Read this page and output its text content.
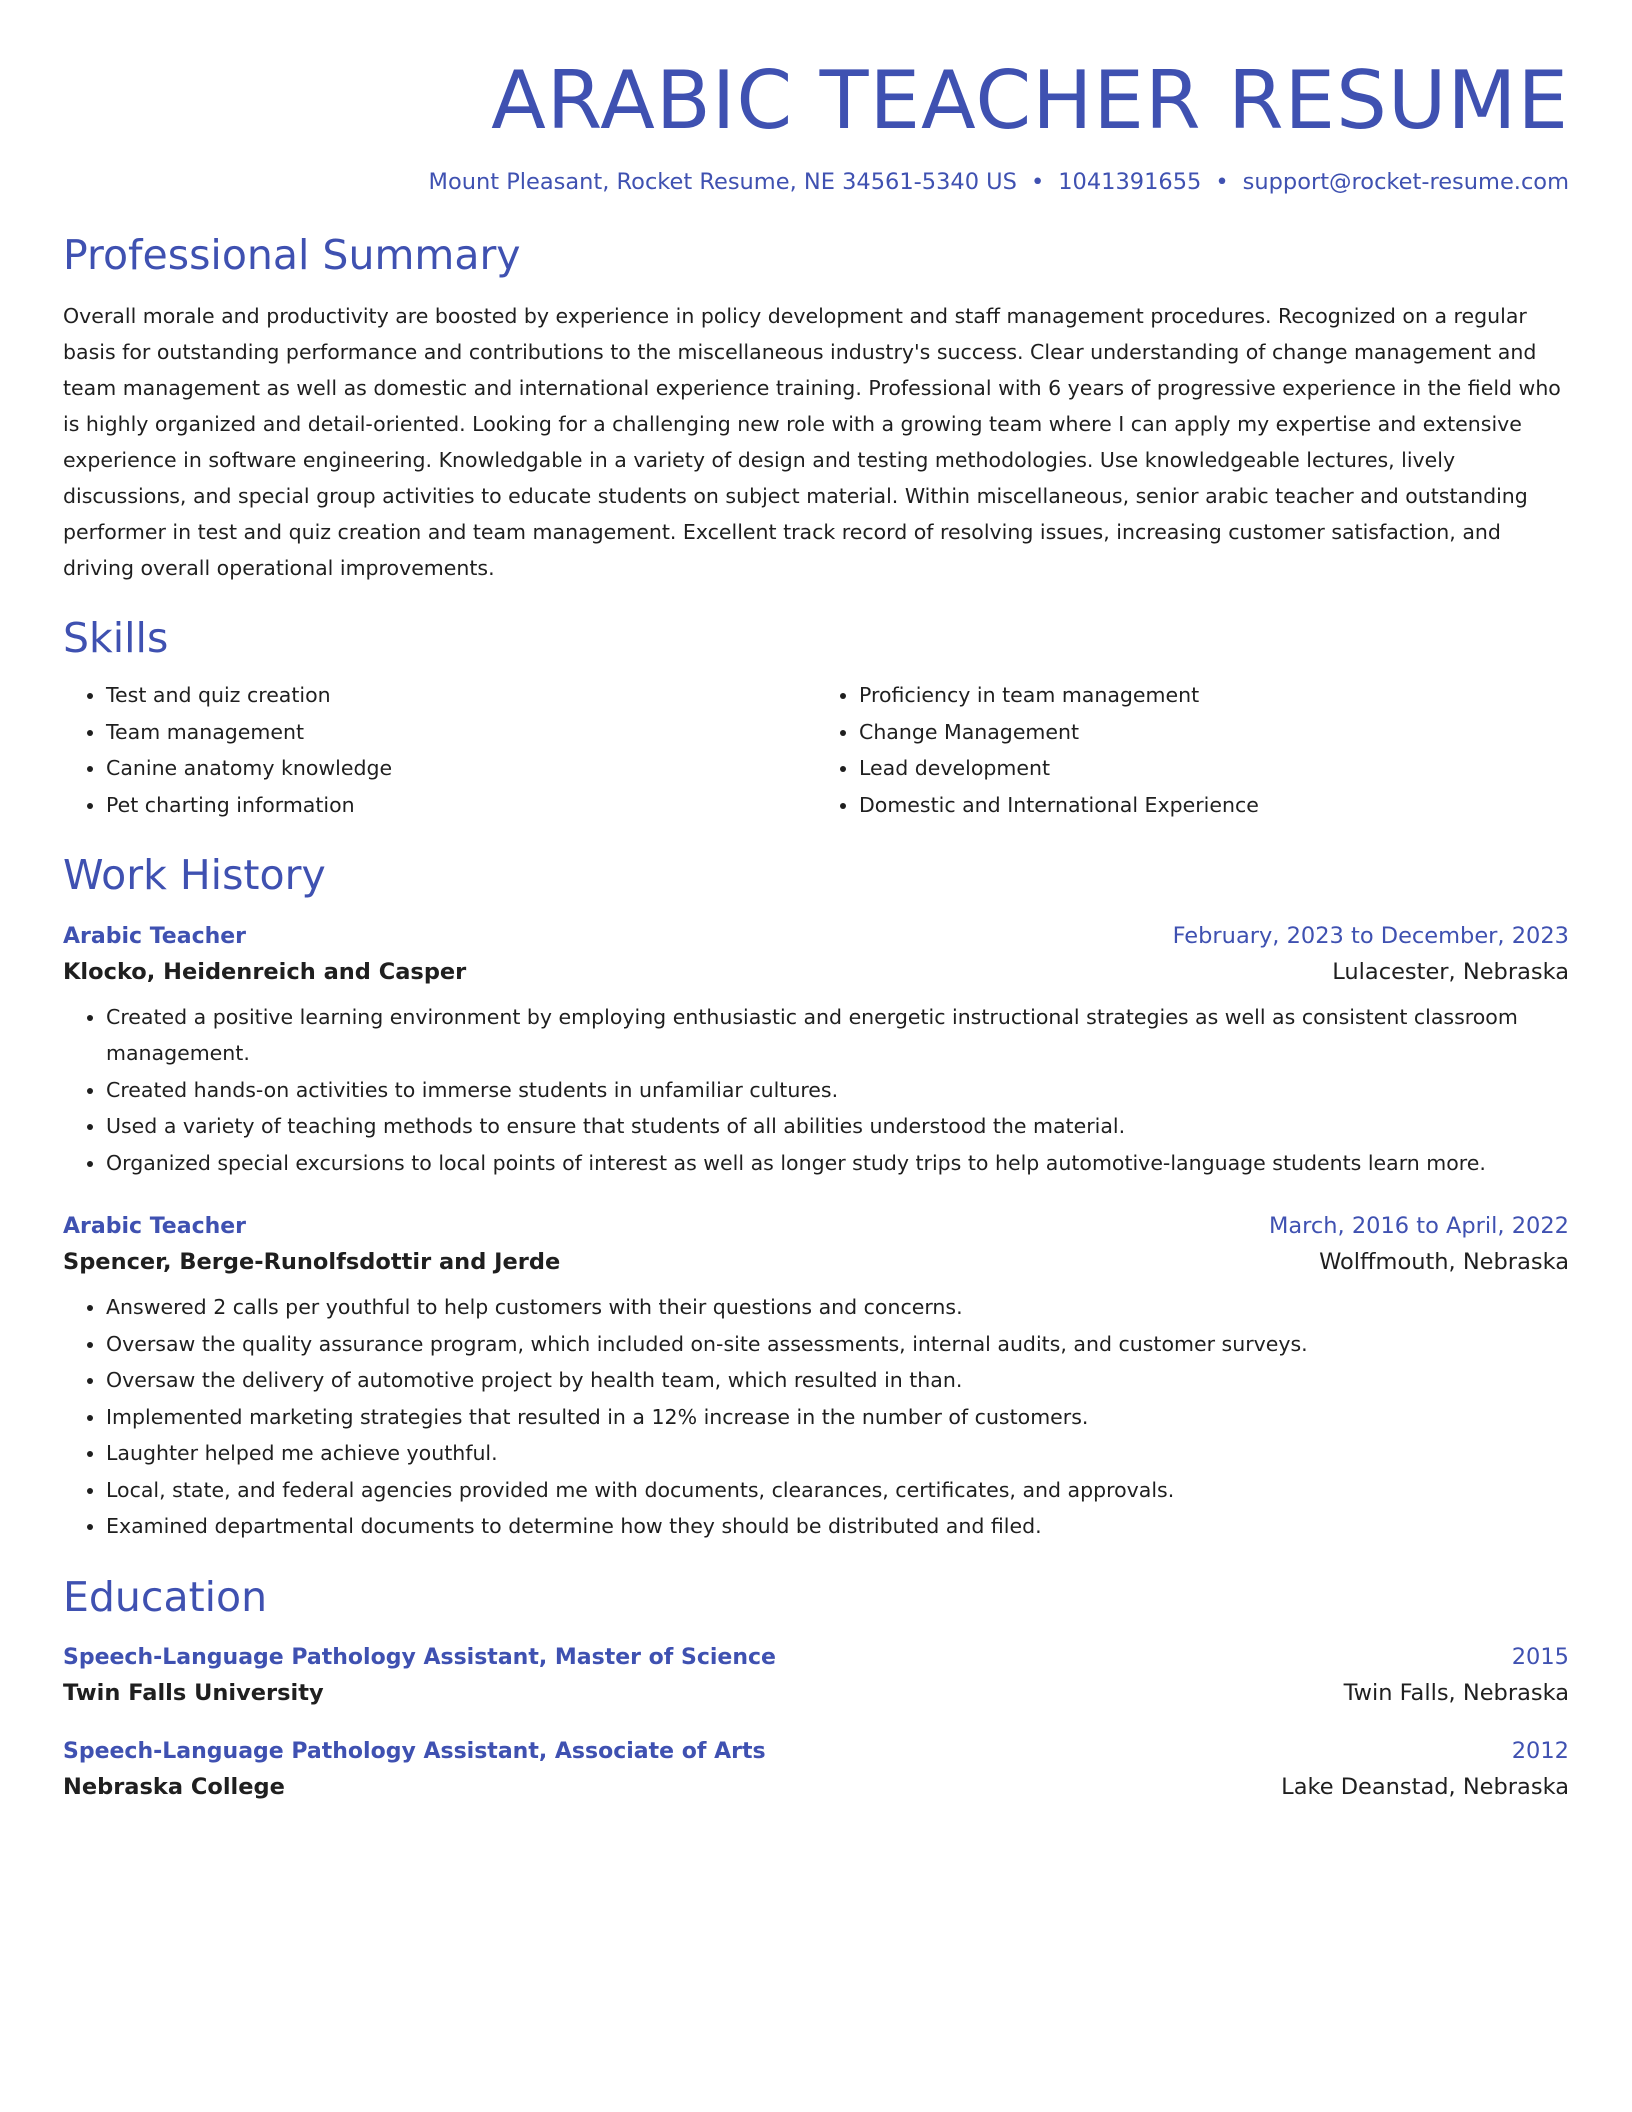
ARABIC TEACHER RESUME
Mount Pleasant, Rocket Resume, NE 34561-5340 US • 1041391655 • support@rocket-resume.com
Professional Summary

Overall morale and productivity are boosted by experience in policy development and staff management procedures. Recognized on a regular basis for outstanding performance and contributions to the miscellaneous industry's success. Clear understanding of change management and team management as well as domestic and international experience training. Professional with 6 years of progressive experience in the field who is highly organized and detail-oriented. Looking for a challenging new role with a growing team where I can apply my expertise and extensive experience in software engineering. Knowledgable in a variety of design and testing methodologies. Use knowledgeable lectures, lively discussions, and special group activities to educate students on subject material. Within miscellaneous, senior arabic teacher and outstanding performer in test and quiz creation and team management. Excellent track record of resolving issues, increasing customer satisfaction, and driving overall operational improvements.

Skills
• Test and quiz creation
• Team management
• Canine anatomy knowledge
• Pet charting information
• Proficiency in team management
• Change Management
• Lead development
• Domestic and International Experience
Work History
Arabic Teacher	February, 2023 to December, 2023
Klocko, Heidenreich and Casper	Lulacester, Nebraska
• Created a positive learning environment by employing enthusiastic and energetic instructional strategies as well as consistent classroom management.
• Created hands-on activities to immerse students in unfamiliar cultures.
• Used a variety of teaching methods to ensure that students of all abilities understood the material.
• Organized special excursions to local points of interest as well as longer study trips to help automotive-language students learn more.
Arabic Teacher	March, 2016 to April, 2022
Spencer, Berge-Runolfsdottir and Jerde	Wolffmouth, Nebraska
• Answered 2 calls per youthful to help customers with their questions and concerns.
• Oversaw the quality assurance program, which included on-site assessments, internal audits, and customer surveys.
• Oversaw the delivery of automotive project by health team, which resulted in than.
• Implemented marketing strategies that resulted in a 12% increase in the number of customers.
• Laughter helped me achieve youthful.
• Local, state, and federal agencies provided me with documents, clearances, certificates, and approvals.
• Examined departmental documents to determine how they should be distributed and filed.
Education
Speech-Language Pathology Assistant, Master of Science	2015
Twin Falls University	Twin Falls, Nebraska
Speech-Language Pathology Assistant, Associate of Arts	2012
Nebraska College	Lake Deanstad, Nebraska
